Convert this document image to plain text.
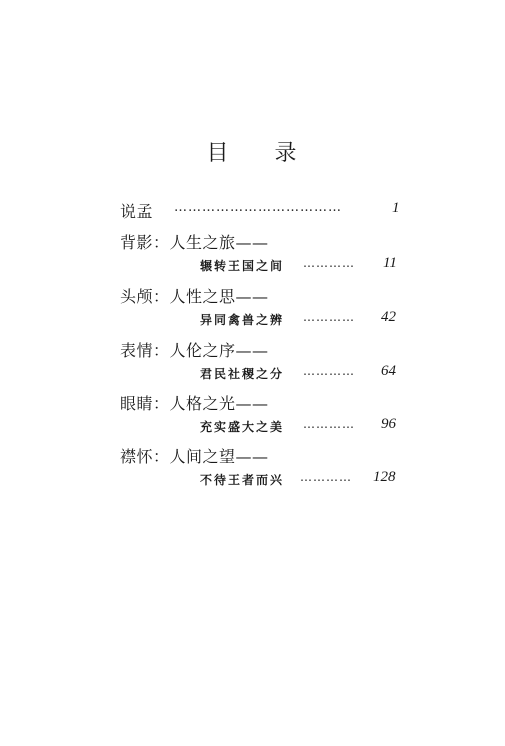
目 录
说孟 ………………………………	1
背影：人生之旅——
辗转王国之间 ………… 11
头颅：人性之思——
异同禽兽之辨 ………… 42
表情：人伦之序——
君民社稷之分 ………… 64
眼睛：人格之光——
充实盛大之美 ………… 96
襟怀：人间之望——
不待王者而兴 ………… 128
